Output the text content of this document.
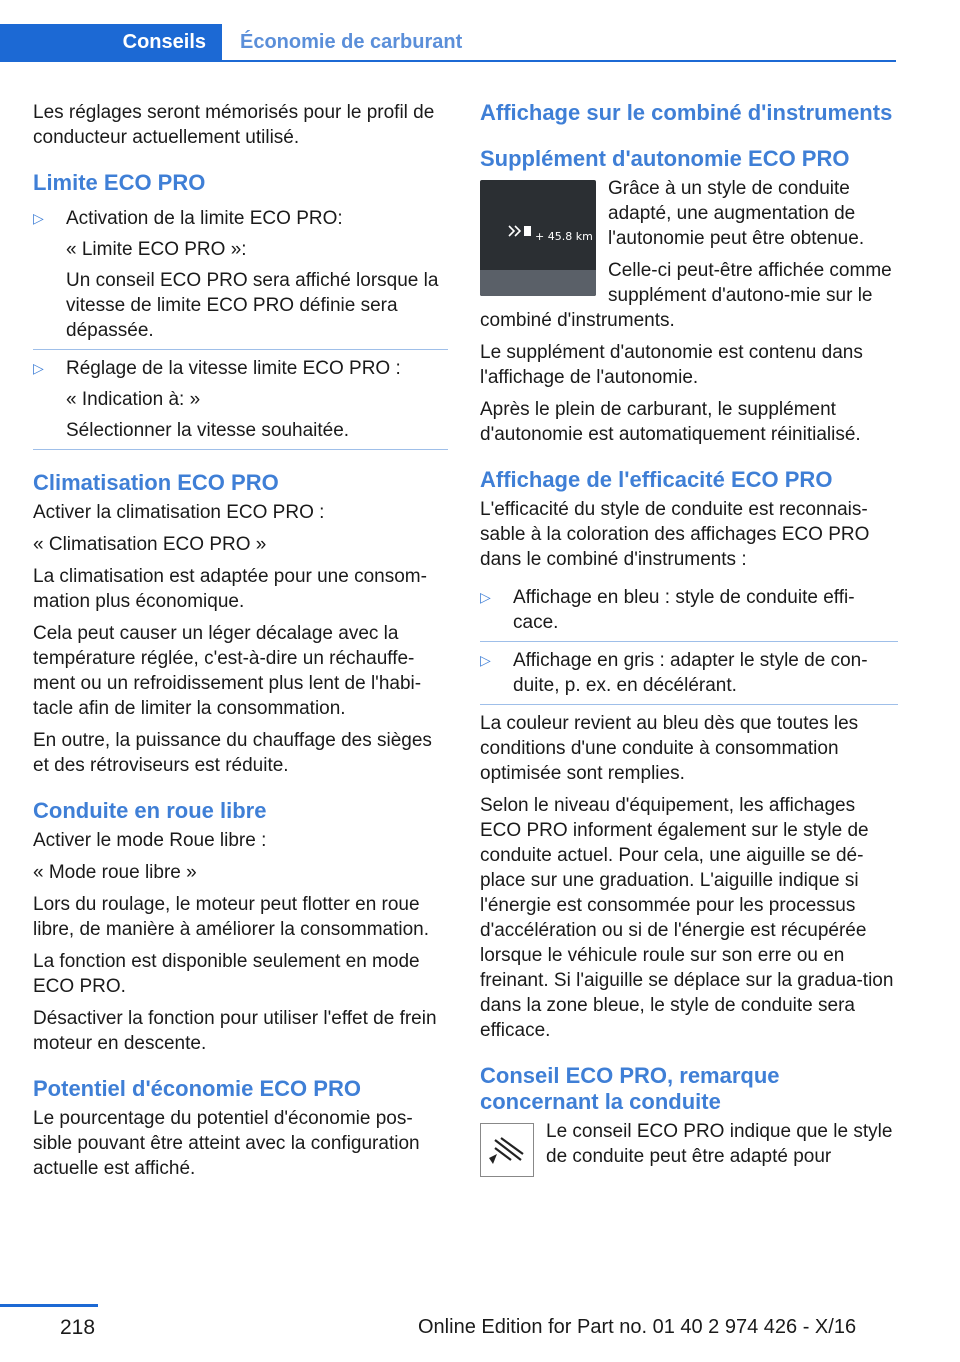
Conseils	Économie de carburant

Les réglages seront mémorisés pour le profil de conducteur actuellement utilisé.

Limite ECO PRO
▷ Activation de la limite ECO PRO:

« Limite ECO PRO »:

Un conseil ECO PRO sera affiché lorsque la vitesse de limite ECO PRO définie sera dépassée.

▷ Réglage de la vitesse limite ECO PRO :

« Indication à: »

Sélectionner la vitesse souhaitée.

Climatisation ECO PRO

Activer la climatisation ECO PRO :

« Climatisation ECO PRO »

La climatisation est adaptée pour une consom‐mation plus économique.

Cela peut causer un léger décalage avec la température réglée, c'est-à-dire un réchauffe‐ment ou un refroidissement plus lent de l'habi‐tacle afin de limiter la consommation.

En outre, la puissance du chauffage des sièges et des rétroviseurs est réduite.

Conduite en roue libre

Activer le mode Roue libre :

« Mode roue libre »

Lors du roulage, le moteur peut flotter en roue libre, de manière à améliorer la consommation.

La fonction est disponible seulement en mode ECO PRO.

Désactiver la fonction pour utiliser l'effet de frein moteur en descente.

Potentiel d'économie ECO PRO

Le pourcentage du potentiel d'économie pos‐sible pouvant être atteint avec la configuration actuelle est affiché.

Affichage sur le combiné d'instruments
Supplément d'autonomie ECO PRO
+ 45.8 km

Grâce à un style de conduite adapté, une augmentation de l'autonomie peut être obtenue.

Celle-ci peut-être affichée comme supplément d'autono‐mie sur le combiné d'instruments.

Le supplément d'autonomie est contenu dans l'affichage de l'autonomie.

Après le plein de carburant, le supplément d'autonomie est automatiquement réinitialisé.

Affichage de l'efficacité ECO PRO

L'efficacité du style de conduite est reconnais‐sable à la coloration des affichages ECO PRO dans le combiné d'instruments :

▷ Affichage en bleu : style de conduite effi‐cace.

▷ Affichage en gris : adapter le style de con‐duite, p. ex. en décélérant.

La couleur revient au bleu dès que toutes les conditions d'une conduite à consommation optimisée sont remplies.

Selon le niveau d'équipement, les affichages ECO PRO informent également sur le style de conduite actuel. Pour cela, une aiguille se dé‐place sur une graduation. L'aiguille indique si l'énergie est consommée pour les processus d'accélération ou si de l'énergie est récupérée lorsque le véhicule roule sur son erre ou en freinant. Si l'aiguille se déplace sur la gradua‐tion dans la zone bleue, le style de conduite sera efficace.

Conseil ECO PRO, remarque concernant la conduite

Le conseil ECO PRO indique que le style de conduite peut être adapté pour

218	Online Edition for Part no. 01 40 2 974 426 - X/16
